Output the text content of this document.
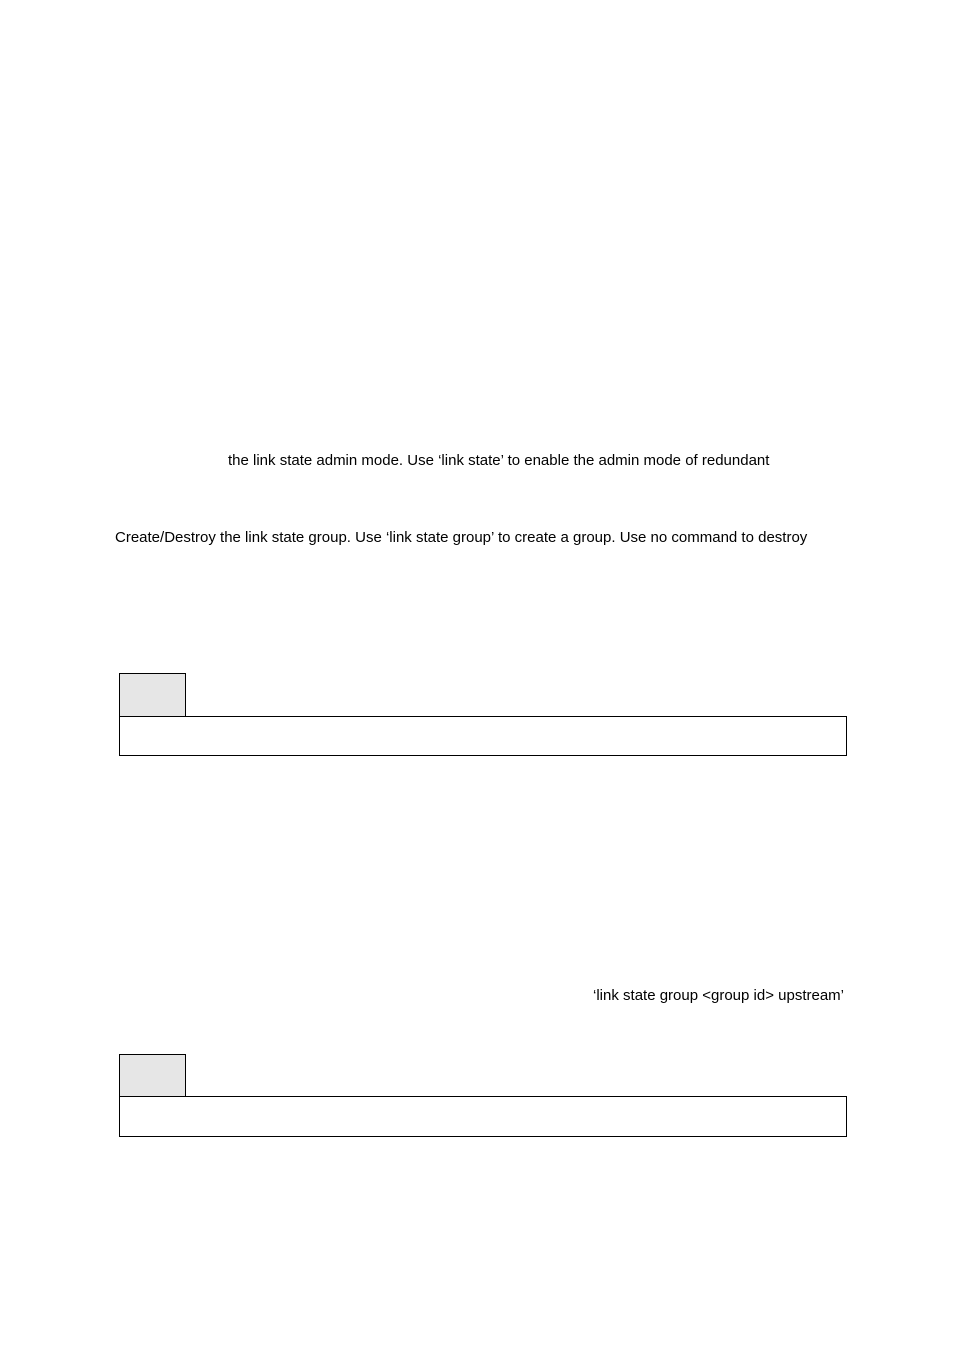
the link state admin mode. Use ‘link state’ to enable the admin mode of redundant
Create/Destroy the link state group. Use ‘link state group’ to create a group. Use no command to destroy
‘link state group <group id> upstream’
